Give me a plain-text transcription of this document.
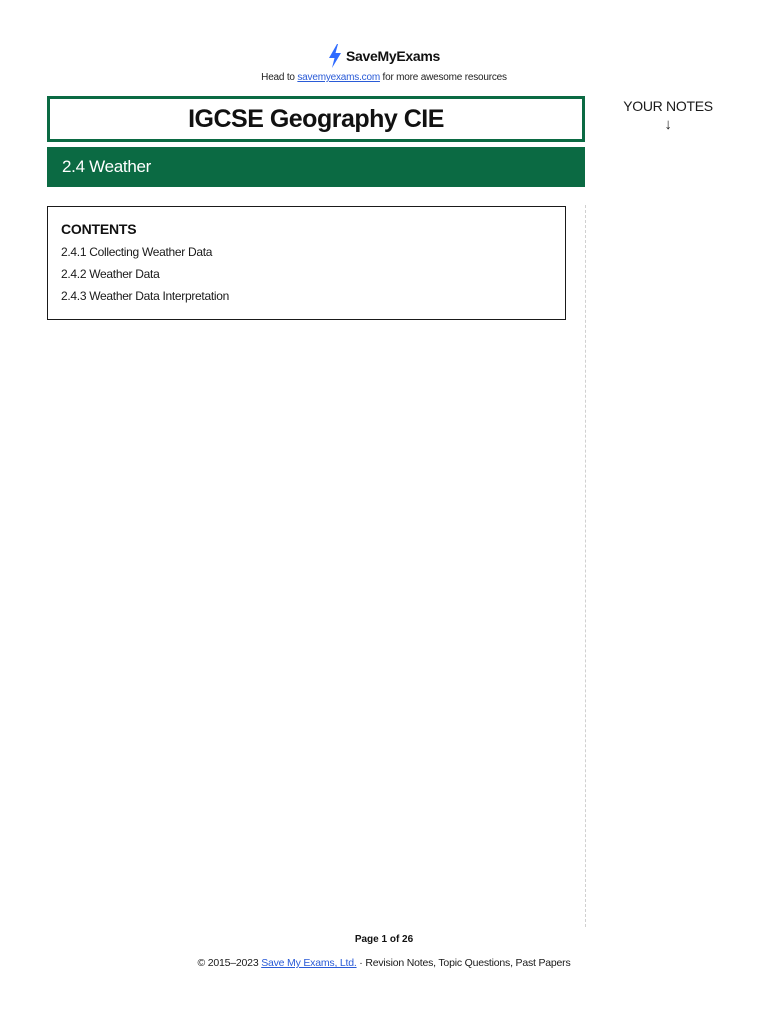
SaveMyExams
Head to savemyexams.com for more awesome resources
IGCSE Geography CIE
2.4 Weather
YOUR NOTES
↓
CONTENTS
2.4.1 Collecting Weather Data
2.4.2 Weather Data
2.4.3 Weather Data Interpretation
Page 1 of 26
© 2015–2023 Save My Exams, Ltd. · Revision Notes, Topic Questions, Past Papers
